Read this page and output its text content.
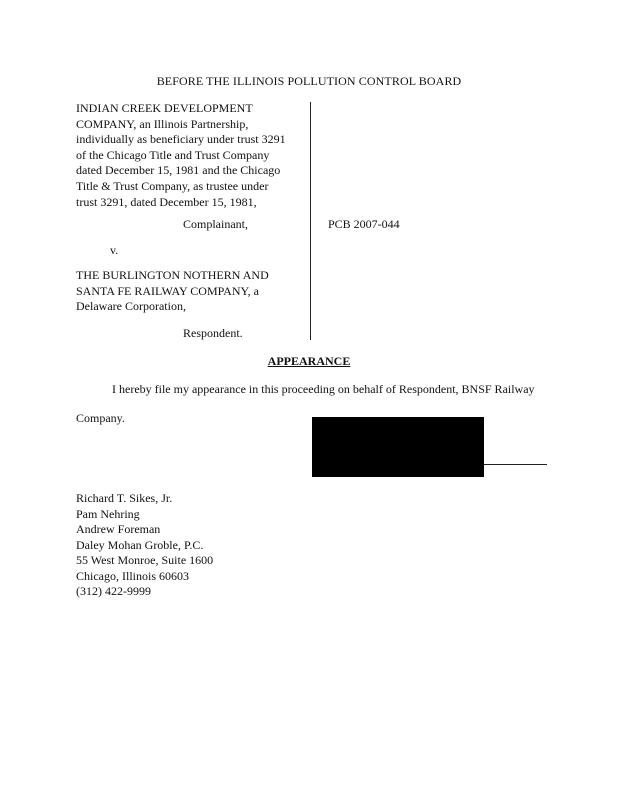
BEFORE THE ILLINOIS POLLUTION CONTROL BOARD
INDIAN CREEK DEVELOPMENT
COMPANY, an Illinois Partnership,
individually as beneficiary under trust 3291
of the Chicago Title and Trust Company
dated December 15, 1981 and the Chicago
Title & Trust Company, as trustee under
trust 3291, dated December 15, 1981,
Complainant,	PCB 2007-044
v.
THE BURLINGTON NOTHERN AND
SANTA FE RAILWAY COMPANY, a
Delaware Corporation,
Respondent.
APPEARANCE
I hereby file my appearance in this proceeding on behalf of Respondent, BNSF Railway
Company.
Richard T. Sikes, Jr.
Pam Nehring
Andrew Foreman
Daley Mohan Groble, P.C.
55 West Monroe, Suite 1600
Chicago, Illinois 60603
(312) 422-9999
